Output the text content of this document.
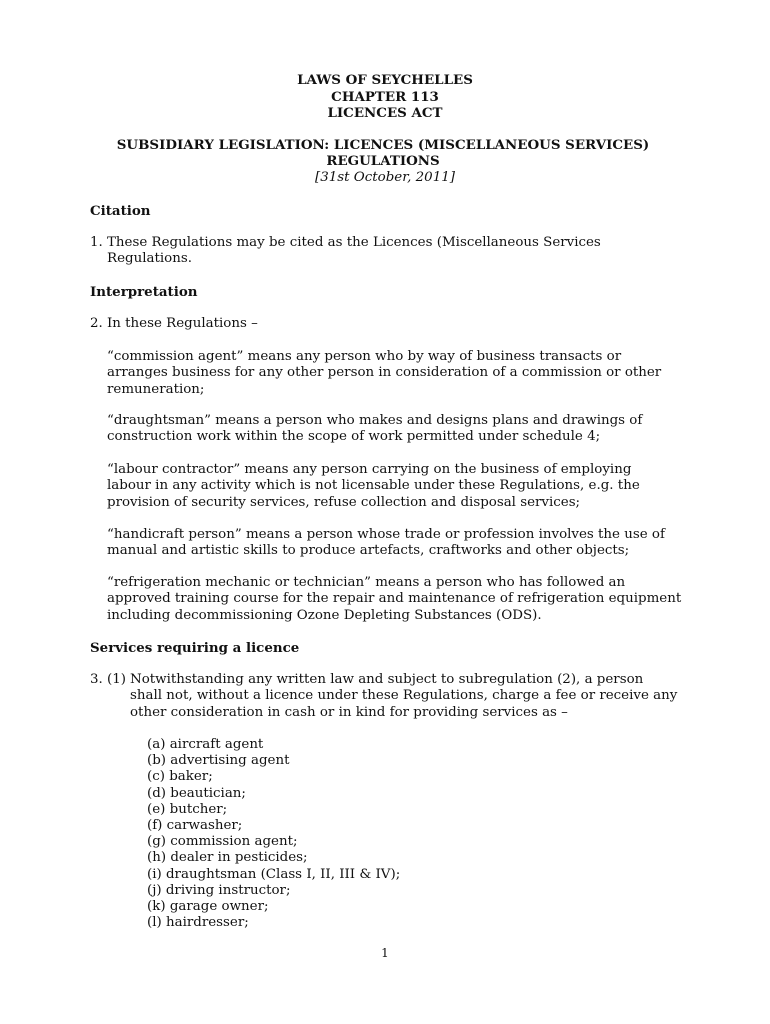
LAWS OF SEYCHELLES
CHAPTER 113
LICENCES ACT
SUBSIDIARY LEGISLATION: LICENCES (MISCELLANEOUS SERVICES)
REGULATIONS
[31st October, 2011]
Citation
1. These Regulations may be cited as the Licences (Miscellaneous Services
Regulations.
Interpretation
2. In these Regulations –
“commission agent” means any person who by way of business transacts or
arranges business for any other person in consideration of a commission or other
remuneration;
“draughtsman” means a person who makes and designs plans and drawings of
construction work within the scope of work permitted under schedule 4;
“labour contractor” means any person carrying on the business of employing
labour in any activity which is not licensable under these Regulations, e.g. the
provision of security services, refuse collection and disposal services;
“handicraft person” means a person whose trade or profession involves the use of
manual and artistic skills to produce artefacts, craftworks and other objects;
“refrigeration mechanic or technician” means a person who has followed an
approved training course for the repair and maintenance of refrigeration equipment
including decommissioning Ozone Depleting Substances (ODS).
Services requiring a licence
3. (1) Notwithstanding any written law and subject to subregulation (2), a person
shall not, without a licence under these Regulations, charge a fee or receive any
other consideration in cash or in kind for providing services as –
(a) aircraft agent
(b) advertising agent
(c) baker;
(d) beautician;
(e) butcher;
(f) carwasher;
(g) commission agent;
(h) dealer in pesticides;
(i) draughtsman (Class I, II, III & IV);
(j) driving instructor;
(k) garage owner;
(l) hairdresser;
1
